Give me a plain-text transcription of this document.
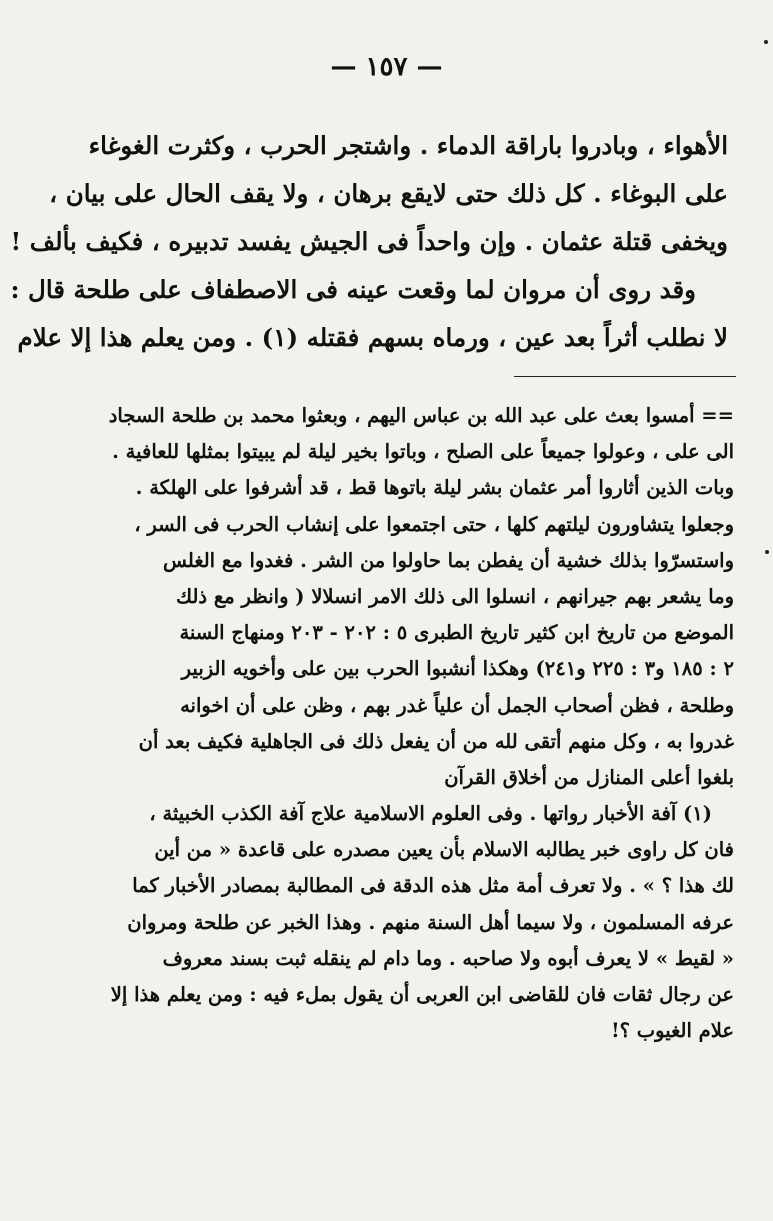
— ١٥٧ —
الأهواء ، وبادروا باراقة الدماء . واشتجر الحرب ، وكثرت الغوغاء
على البوغاء . كل ذلك حتى لايقع برهان ، ولا يقف الحال على بيان ،
ويخفى قتلة عثمان . وإن واحداً فى الجيش يفسد تدبيره ، فكيف بألف !
وقد روى أن مروان لما وقعت عينه فى الاصطفاف على طلحة قال :
لا نطلب أثراً بعد عين ، ورماه بسهم فقتله (١) . ومن يعلم هذا إلا علام
== أمسوا بعث على عبد الله بن عباس اليهم ، وبعثوا محمد بن طلحة السجاد
الى على ، وعولوا جميعاً على الصلح ، وباتوا بخير ليلة لم يبيتوا بمثلها للعافية .
وبات الذين أثاروا أمر عثمان بشر ليلة باتوها قط ، قد أشرفوا على الهلكة .
وجعلوا يتشاورون ليلتهم كلها ، حتى اجتمعوا على إنشاب الحرب فى السر ،
واستسرّوا بذلك خشية أن يفطن بما حاولوا من الشر . فغدوا مع الغلس
وما يشعر بهم جيرانهم ، انسلوا الى ذلك الامر انسلالا ( وانظر مع ذلك
الموضع من تاريخ ابن كثير تاريخ الطبرى ٥ : ٢٠٢ - ٢٠٣ ومنهاج السنة
٢ : ١٨٥ و٣ : ٢٢٥ و٢٤١) وهكذا أنشبوا الحرب بين على وأخويه الزبير
وطلحة ، فظن أصحاب الجمل أن علياً غدر بهم ، وظن على أن اخوانه
غدروا به ، وكل منهم أتقى لله من أن يفعل ذلك فى الجاهلية فكيف بعد أن
بلغوا أعلى المنازل من أخلاق القرآن
(١) آفة الأخبار رواتها . وفى العلوم الاسلامية علاج آفة الكذب الخبيثة ،
فان كل راوى خبر يطالبه الاسلام بأن يعين مصدره على قاعدة « من أين
لك هذا ؟ » . ولا تعرف أمة مثل هذه الدقة فى المطالبة بمصادر الأخبار كما
عرفه المسلمون ، ولا سيما أهل السنة منهم . وهذا الخبر عن طلحة ومروان
« لقيط » لا يعرف أبوه ولا صاحبه . وما دام لم ينقله ثبت بسند معروف
عن رجال ثقات فان للقاضى ابن العربى أن يقول بملء فيه : ومن يعلم هذا إلا
علام الغيوب ؟!
